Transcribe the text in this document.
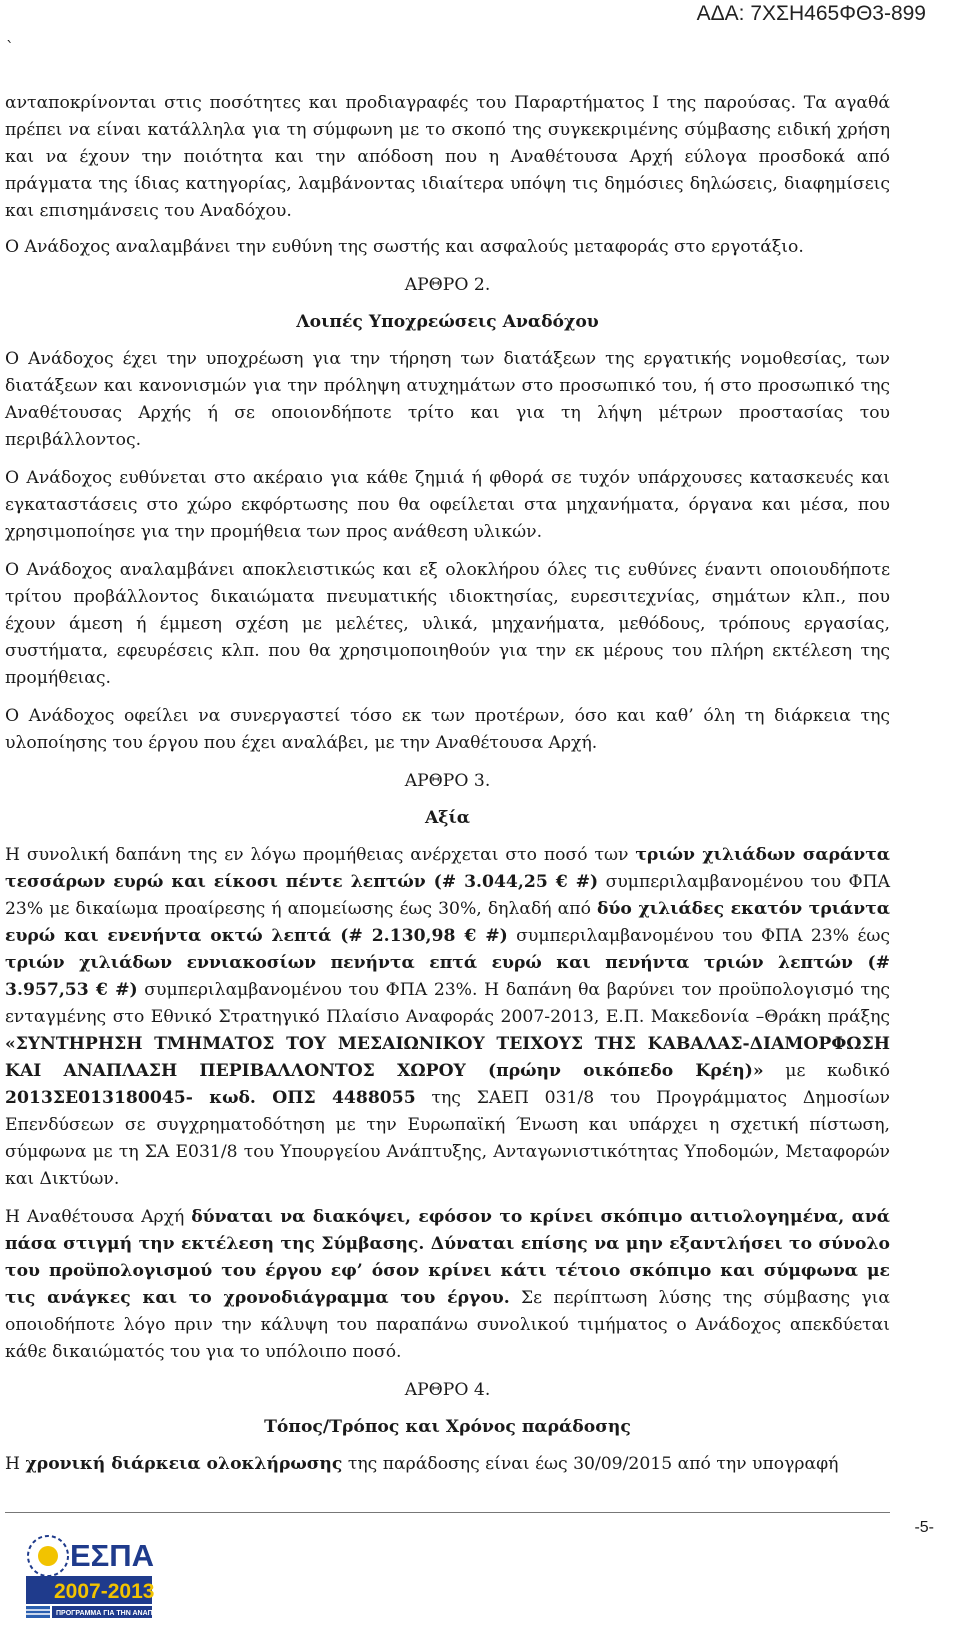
ΑΔΑ: 7ΧΣΗ465ΦΘ3-899
`

ανταποκρίνονται στις ποσότητες και προδιαγραφές του Παραρτήματος Ι της παρούσας. Τα αγαθά πρέπει να είναι κατάλληλα για τη σύμφωνη με το σκοπό της συγκεκριμένης σύμβασης ειδική χρήση και να έχουν την ποιότητα και την απόδοση που η Αναθέτουσα Αρχή εύλογα προσδοκά από πράγματα της ίδιας κατηγορίας, λαμβάνοντας ιδιαίτερα υπόψη τις δημόσιες δηλώσεις, διαφημίσεις και επισημάνσεις του Αναδόχου.

Ο Ανάδοχος αναλαμβάνει την ευθύνη της σωστής και ασφαλούς μεταφοράς στο εργοτάξιο.

ΑΡΘΡΟ 2.
Λοιπές Υποχρεώσεις Αναδόχου

Ο Ανάδοχος έχει την υποχρέωση για την τήρηση των διατάξεων της εργατικής νομοθεσίας, των διατάξεων και κανονισμών για την πρόληψη ατυχημάτων στο προσωπικό του, ή στο προσωπικό της Αναθέτουσας Αρχής ή σε οποιονδήποτε τρίτο και για τη λήψη μέτρων προστασίας του περιβάλλοντος.

Ο Ανάδοχος ευθύνεται στο ακέραιο για κάθε ζημιά ή φθορά σε τυχόν υπάρχουσες κατασκευές και εγκαταστάσεις στο χώρο εκφόρτωσης που θα οφείλεται στα μηχανήματα, όργανα και μέσα, που χρησιμοποίησε για την προμήθεια των προς ανάθεση υλικών.

Ο Ανάδοχος αναλαμβάνει αποκλειστικώς και εξ ολοκλήρου όλες τις ευθύνες έναντι οποιουδήποτε τρίτου προβάλλοντος δικαιώματα πνευματικής ιδιοκτησίας, ευρεσιτεχνίας, σημάτων κλπ., που έχουν άμεση ή έμμεση σχέση με μελέτες, υλικά, μηχανήματα, μεθόδους, τρόπους εργασίας, συστήματα, εφευρέσεις κλπ. που θα χρησιμοποιηθούν για την εκ μέρους του πλήρη εκτέλεση της προμήθειας.

Ο Ανάδοχος οφείλει να συνεργαστεί τόσο εκ των προτέρων, όσο και καθ’ όλη τη διάρκεια της υλοποίησης του έργου που έχει αναλάβει, με την Αναθέτουσα Αρχή.

ΑΡΘΡΟ 3.
Αξία

Η συνολική δαπάνη της εν λόγω προμήθειας ανέρχεται στο ποσό των τριών χιλιάδων σαράντα τεσσάρων ευρώ και είκοσι πέντε λεπτών (# 3.044,25 € #) συμπεριλαμβανομένου του ΦΠΑ 23% με δικαίωμα προαίρεσης ή απομείωσης έως 30%, δηλαδή από δύο χιλιάδες εκατόν τριάντα ευρώ και ενενήντα οκτώ λεπτά (# 2.130,98 € #) συμπεριλαμβανομένου του ΦΠΑ 23% έως τριών χιλιάδων εννιακοσίων πενήντα επτά ευρώ και πενήντα τριών λεπτών (# 3.957,53 € #) συμπεριλαμβανομένου του ΦΠΑ 23%. Η δαπάνη θα βαρύνει τον προϋπολογισμό της ενταγμένης στο Εθνικό Στρατηγικό Πλαίσιο Αναφοράς 2007-2013, Ε.Π. Μακεδονία –Θράκη πράξης «ΣΥΝΤΗΡΗΣΗ ΤΜΗΜΑΤΟΣ ΤΟΥ ΜΕΣΑΙΩΝΙΚΟΥ ΤΕΙΧΟΥΣ ΤΗΣ ΚΑΒΑΛΑΣ-ΔΙΑΜΟΡΦΩΣΗ ΚΑΙ ΑΝΑΠΛΑΣΗ ΠΕΡΙΒΑΛΛΟΝΤΟΣ ΧΩΡΟΥ (πρώην οικόπεδο Κρέη)» με κωδικό 2013ΣΕ013180045- κωδ. ΟΠΣ 4488055 της ΣΑΕΠ 031/8 του Προγράμματος Δημοσίων Επενδύσεων σε συγχρηματοδότηση με την Ευρωπαϊκή Ένωση και υπάρχει η σχετική πίστωση, σύμφωνα με τη ΣΑ Ε031/8 του Υπουργείου Ανάπτυξης, Ανταγωνιστικότητας Υποδομών, Μεταφορών και Δικτύων.

Η Αναθέτουσα Αρχή δύναται να διακόψει, εφόσον το κρίνει σκόπιμο αιτιολογημένα, ανά πάσα στιγμή την εκτέλεση της Σύμβασης. Δύναται επίσης να μην εξαντλήσει το σύνολο του προϋπολογισμού του έργου εφ’ όσον κρίνει κάτι τέτοιο σκόπιμο και σύμφωνα με τις ανάγκες και το χρονοδιάγραμμα του έργου. Σε περίπτωση λύσης της σύμβασης για οποιοδήποτε λόγο πριν την κάλυψη του παραπάνω συνολικού τιμήματος ο Ανάδοχος απεκδύεται κάθε δικαιώματός του για το υπόλοιπο ποσό.

ΑΡΘΡΟ 4.
Τόπος/Τρόπος και Χρόνος παράδοσης

Η χρονική διάρκεια ολοκλήρωσης της παράδοσης είναι έως 30/09/2015 από την υπογραφή

-5-
ΕΣΠΑ
2007-2013
ΠΡΟΓΡΑΜΜΑ ΓΙΑ ΤΗΝ ΑΝΑΠΤΥΞΗ
